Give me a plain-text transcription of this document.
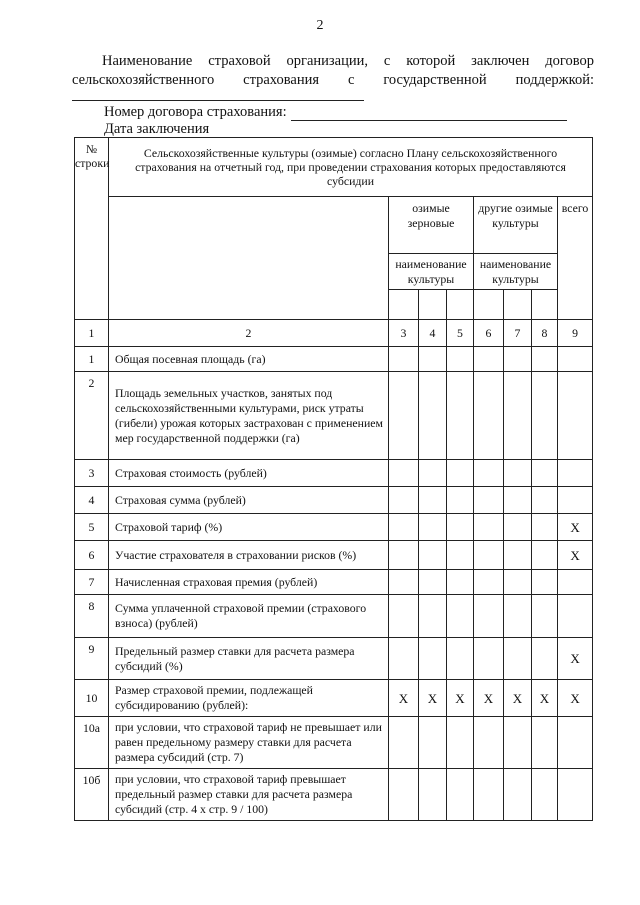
2
Наименование страховой организации, с которой заключен договор
сельскохозяйственного страхования с государственной поддержкой:
Номер договора страхования:
Дата заключения
№ строки	Сельскохозяйственные культуры (озимые) согласно Плану сельскохозяйственного страхования на отчетный год, при проведении страхования которых предоставляются субсидии							
		озимые зерновые			другие озимые культуры			всего
		наименование культуры			наименование культуры			

1	2	3	4	5	6	7	8	9
1	Общая посевная площадь (га)							
2	Площадь земельных участков, занятых под сельскохозяйственными культурами, риск утраты (гибели) урожая которых застрахован с применением мер государственной поддержки (га)							
3	Страховая стоимость (рублей)							
4	Страховая сумма (рублей)							
5	Страховой тариф (%)							X
6	Участие страхователя в страховании рисков (%)							X
7	Начисленная страховая премия (рублей)							
8	Сумма уплаченной страховой премии (страхового взноса) (рублей)							
9	Предельный размер ставки для расчета размера субсидий (%)							X
10	Размер страховой премии, подлежащей субсидированию (рублей):	X	X	X	X	X	X	X
10а	при условии, что страховой тариф не превышает или равен предельному размеру ставки для расчета размера субсидий (стр. 7)							
10б	при условии, что страховой тариф превышает предельный размер ставки для расчета размера субсидий (стр. 4 х стр. 9 / 100)							
